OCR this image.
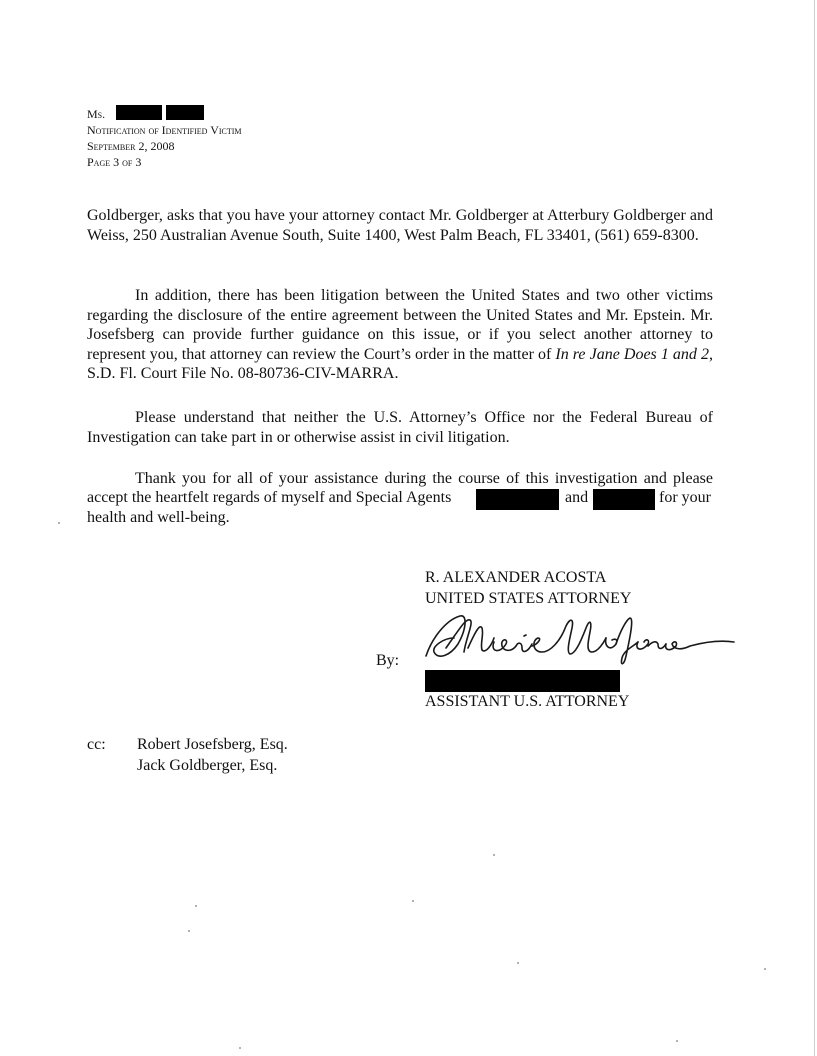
Ms.
Notification of Identified Victim
September 2, 2008
Page 3 of 3
Goldberger, asks that you have your attorney contact Mr. Goldberger at Atterbury Goldberger and Weiss, 250 Australian Avenue South, Suite 1400, West Palm Beach, FL 33401, (561) 659-8300.
In addition, there has been litigation between the United States and two other victims regarding the disclosure of the entire agreement between the United States and Mr. Epstein. Mr. Josefsberg can provide further guidance on this issue, or if you select another attorney to represent you, that attorney can review the Court’s order in the matter of In re Jane Does 1 and 2, S.D. Fl. Court File No. 08-80736-CIV-MARRA.
Please understand that neither the U.S. Attorney’s Office nor the Federal Bureau of Investigation can take part in or otherwise assist in civil litigation.
Thank you for all of your assistance during the course of this investigation and please
accept the heartfelt regards of myself and Special Agents	and	for your
health and well-being.
R. ALEXANDER ACOSTA
UNITED STATES ATTORNEY
By:
ASSISTANT U.S. ATTORNEY
cc: Robert Josefsberg, Esq.
Jack Goldberger, Esq.
